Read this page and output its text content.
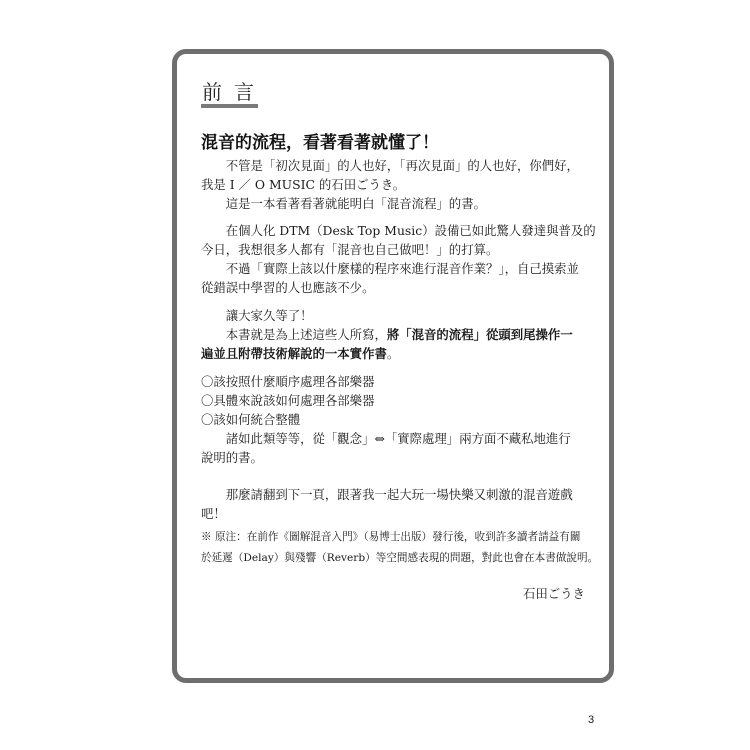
前言
混音的流程，看著看著就懂了！
　　不管是「初次見面」的人也好，「再次見面」的人也好，你們好，
我是 I ／ O MUSIC 的石田ごうき。
　　這是一本看著看著就能明白「混音流程」的書。
　　在個人化 DTM（Desk Top Music）設備已如此驚人發達與普及的
今日，我想很多人都有「混音也自己做吧！」的打算。
　　不過「實際上該以什麼樣的程序來進行混音作業？」，自己摸索並
從錯誤中學習的人也應該不少。
　　讓大家久等了！
　　本書就是為上述這些人所寫，將「混音的流程」從頭到尾操作一
遍並且附帶技術解說的一本實作書。
〇該按照什麼順序處理各部樂器
〇具體來說該如何處理各部樂器
〇該如何統合整體
　　諸如此類等等，從「觀念」⇔「實際處理」兩方面不藏私地進行
說明的書。
　　那麼請翻到下一頁，跟著我一起大玩一場快樂又刺激的混音遊戲
吧！
※ 原注：在前作《圖解混音入門》（易博士出版）發行後，收到許多讀者請益有關
於延遲（Delay）與殘響（Reverb）等空間感表現的問題，對此也會在本書做說明。
石田ごうき
3
